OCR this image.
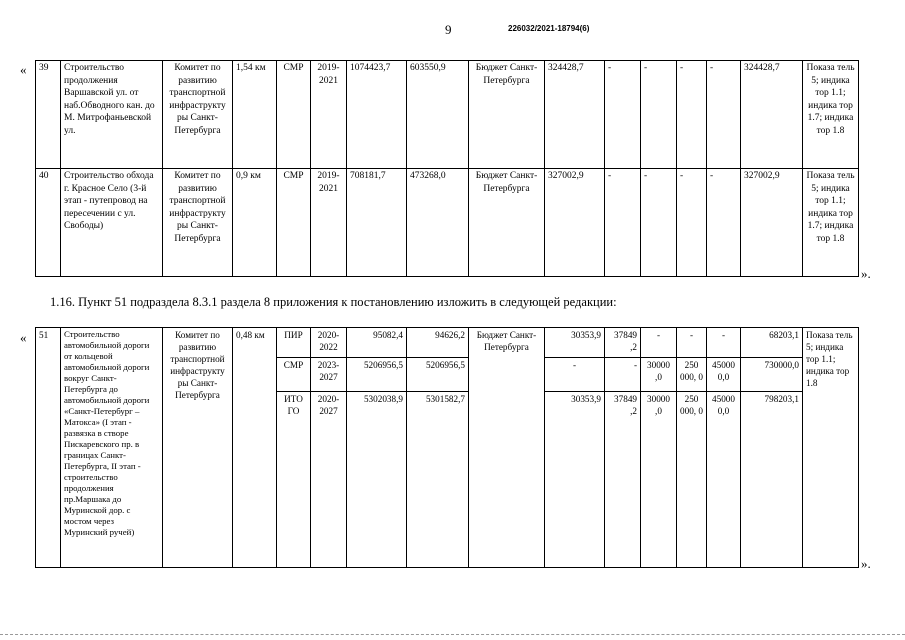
9	226032/2021-18794(6)
« 39	Строительство продолжения Варшавской ул. от наб.Обводного кан. до М. Митрофаньевской ул.	Комитет по развитию транспортной инфраструкту ры Санкт-Петербурга	1,54 км	СМР	2019-2021	1074423,7	603550,9	Бюджет Санкт-Петербурга	324428,7	-	-	-	-	324428,7	Показа тель 5; индика тор 1.1; индика тор 1.7; индика тор 1.8
40	Строительство обхода г. Красное Село (3-й этап - путепровод на пересечении с ул. Свободы)	Комитет по развитию транспортной инфраструкту ры Санкт-Петербурга	0,9 км	СМР	2019-2021	708181,7	473268,0	Бюджет Санкт-Петербурга	327002,9	-	-	-	-	327002,9	Показа тель 5; индика тор 1.1; индика тор 1.7; индика тор 1.8
».
1.16. Пункт 51 подраздела 8.3.1 раздела 8 приложения к постановлению изложить в следующей редакции:
« 51	Строительство автомобильной дороги от кольцевой автомобильной дороги вокруг Санкт-Петербурга до автомобильной дороги «Санкт-Петербург – Матокса» (I этап - развязка в створе Пискаревского пр. в границах Санкт-Петербурга, II этап - строительство продолжения пр.Маршака до Муринской дор. с мостом через Муринский ручей)	Комитет по развитию транспортной инфраструкту ры Санкт-Петербурга	0,48 км	ПИР	2020-2022	95082,4	94626,2	Бюджет Санкт-Петербурга	30353,9	37849 ,2	-	-	-	68203,1	Показа тель 5; индика тор 1.1; индика тор 1.8
				СМР	2023-2027	5206956,5	5206956,5		-	-	30000 ,0	250 000, 0	45000 0,0	730000,0	
				ИТО ГО	2020-2027	5302038,9	5301582,7		30353,9	37849 ,2	30000 ,0	250 000, 0	45000 0,0	798203,1	
».
